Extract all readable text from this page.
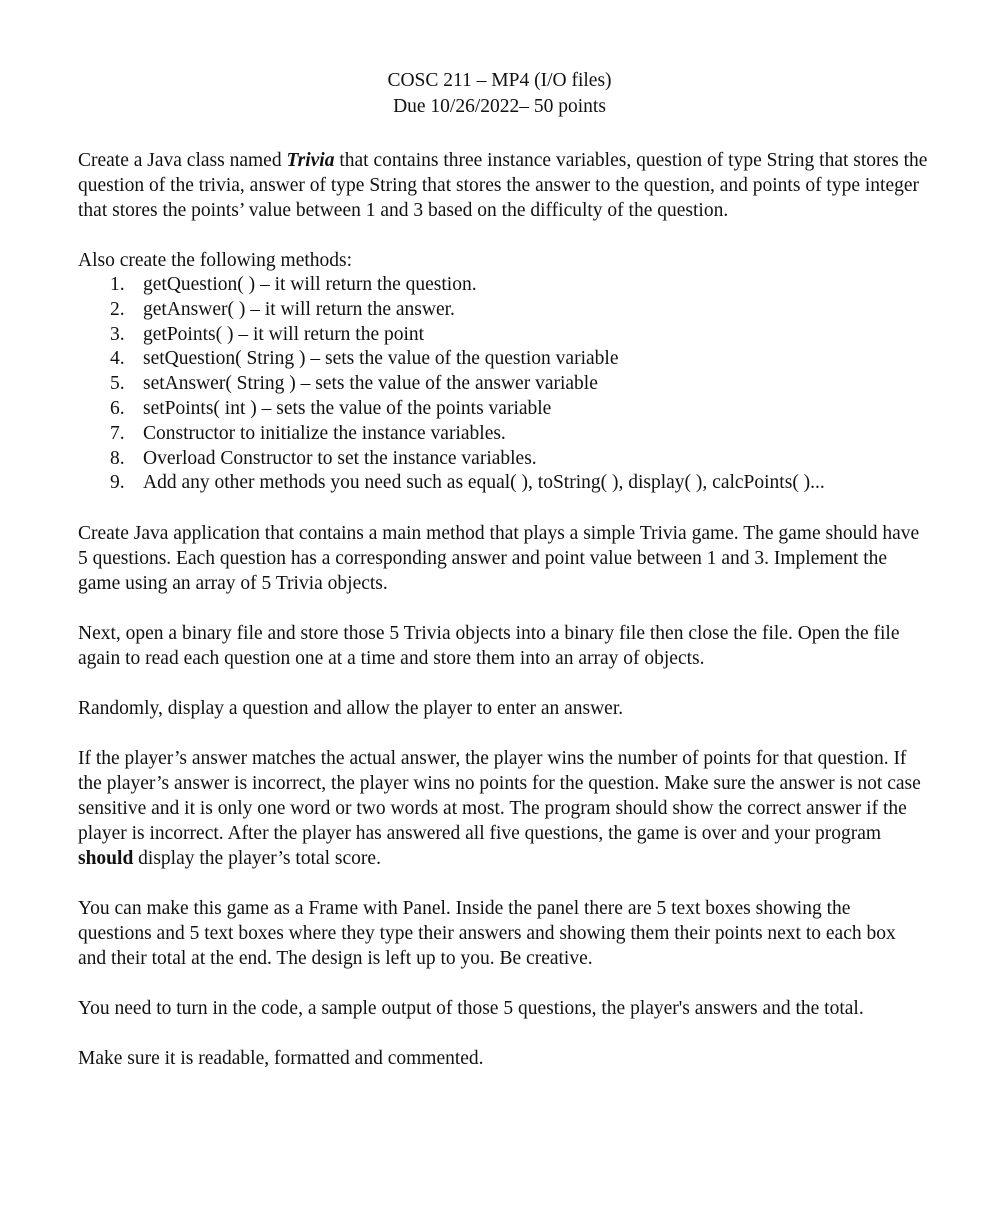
COSC 211 – MP4 (I/O files)
Due 10/26/2022– 50 points

Create a Java class named Trivia that contains three instance variables, question of type String that stores the question of the trivia, answer of type String that stores the answer to the question, and points of type integer that stores the points’ value between 1 and 3 based on the difficulty of the question.

Also create the following methods:

1. getQuestion( ) – it will return the question.
2. getAnswer( ) – it will return the answer.
3. getPoints( ) – it will return the point
4. setQuestion( String ) – sets the value of the question variable
5. setAnswer( String ) – sets the value of the answer variable
6. setPoints( int ) – sets the value of the points variable
7. Constructor to initialize the instance variables.
8. Overload Constructor to set the instance variables.
9. Add any other methods you need such as equal( ), toString( ), display( ), calcPoints( )...

Create Java application that contains a main method that plays a simple Trivia game. The game should have 5 questions. Each question has a corresponding answer and point value between 1 and 3. Implement the game using an array of 5 Trivia objects.

Next, open a binary file and store those 5 Trivia objects into a binary file then close the file. Open the file again to read each question one at a time and store them into an array of objects.

Randomly, display a question and allow the player to enter an answer.

If the player’s answer matches the actual answer, the player wins the number of points for that question. If the player’s answer is incorrect, the player wins no points for the question. Make sure the answer is not case sensitive and it is only one word or two words at most. The program should show the correct answer if the player is incorrect. After the player has answered all five questions, the game is over and your program should display the player’s total score.

You can make this game as a Frame with Panel. Inside the panel there are 5 text boxes showing the questions and 5 text boxes where they type their answers and showing them their points next to each box and their total at the end. The design is left up to you. Be creative.

You need to turn in the code, a sample output of those 5 questions, the player's answers and the total.

Make sure it is readable, formatted and commented.
